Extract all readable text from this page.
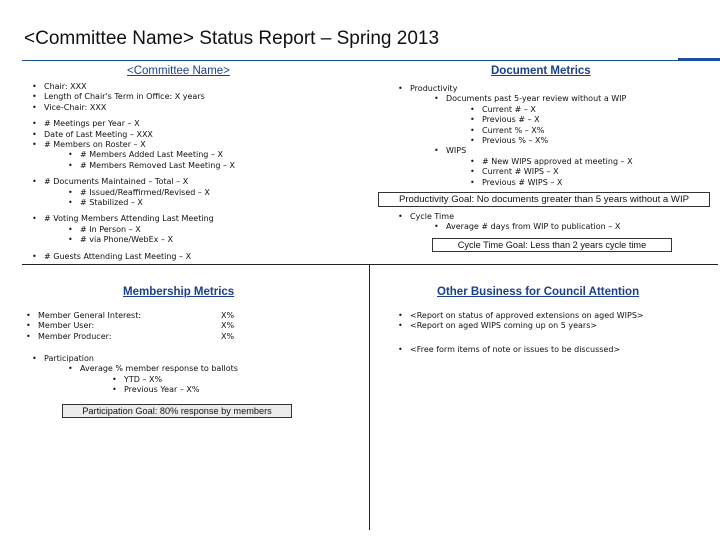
<Committee Name> Status Report – Spring 2013
<Committee Name>
• Chair: XXX
• Length of Chair's Term in Office: X years
• Vice-Chair: XXX
• # Meetings per Year – X
• Date of Last Meeting – XXX
• # Members on Roster – X
• # Members Added Last Meeting – X
• # Members Removed Last Meeting – X
• # Documents Maintained – Total – X
• # Issued/Reaffirmed/Revised – X
• # Stabilized – X
• # Voting Members Attending Last Meeting
• # In Person – X
• # via Phone/WebEx – X
• # Guests Attending Last Meeting – X
Document Metrics
• Productivity
• Documents past 5-year review without a WIP
• Current # – X
• Previous # – X
• Current % – X%
• Previous % – X%
• WIPS
• # New WIPS approved at meeting – X
• Current # WIPS – X
• Previous # WIPS – X
Productivity Goal: No documents greater than 5 years without a WIP
• Cycle Time
• Average # days from WIP to publication – X
Cycle Time Goal: Less than 2 years cycle time
Membership Metrics
• Member General Interest:	X%
• Member User:	X%
• Member Producer:	X%
• Participation
• Average % member response to ballots
• YTD – X%
• Previous Year – X%
Participation Goal: 80% response by members
Other Business for Council Attention
• <Report on status of approved extensions on aged WIPS>
• <Report on aged WIPS coming up on 5 years>
• <Free form items of note or issues to be discussed>
